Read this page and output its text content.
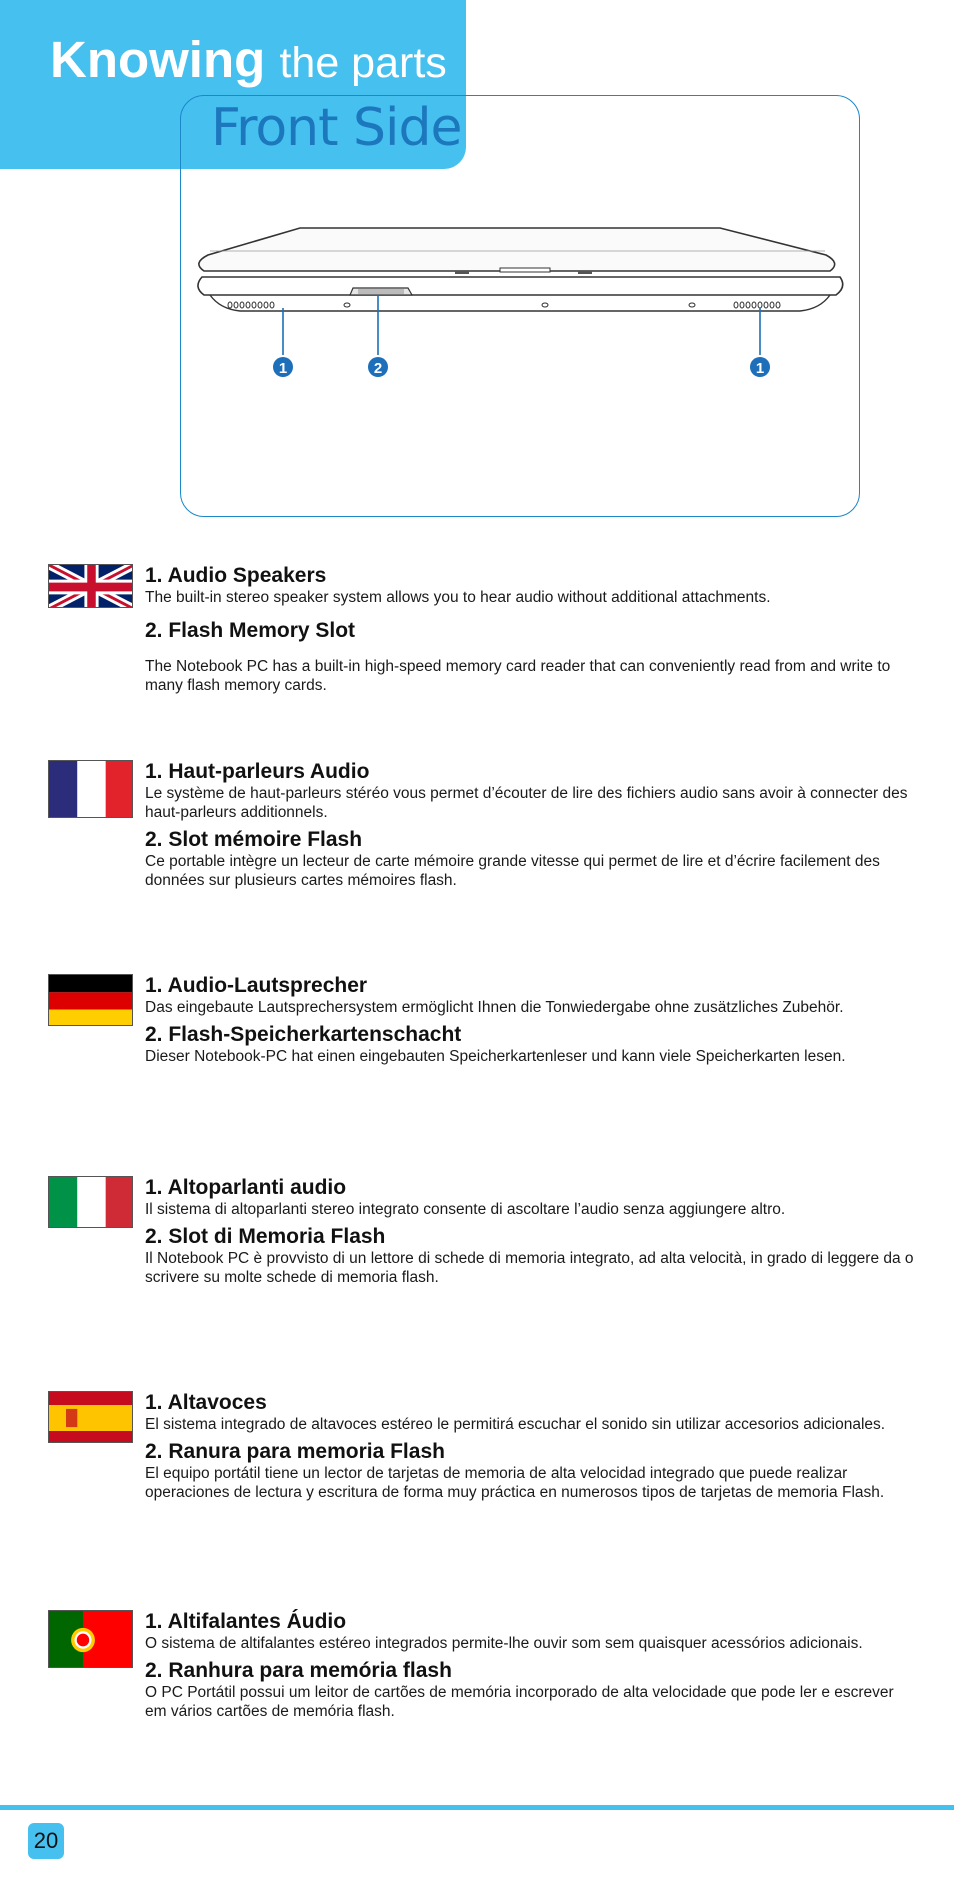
Knowing the parts
Front Side
1	2	1

1. Audio Speakers

The built-in stereo speaker system allows you to hear audio without additional attachments.

2. Flash Memory Slot

The Notebook PC has a built-in high-speed memory card reader that can conveniently read from and write to many flash memory cards.

1. Haut-parleurs Audio

Le système de haut-parleurs stéréo vous permet d’écouter de lire des fichiers audio sans avoir à connecter des haut-parleurs additionnels.

2. Slot mémoire Flash

Ce portable intègre un lecteur de carte mémoire grande vitesse qui permet de lire et d’écrire facilement des données sur plusieurs cartes mémoires flash.

1. Audio-Lautsprecher

Das eingebaute Lautsprechersystem ermöglicht Ihnen die Tonwiedergabe ohne zusätzliches Zubehör.

2. Flash-Speicherkartenschacht

Dieser Notebook-PC hat einen eingebauten Speicherkartenleser und kann viele Speicherkarten lesen.

1. Altoparlanti audio

Il sistema di altoparlanti stereo integrato consente di ascoltare l’audio senza aggiungere altro.

2. Slot di Memoria Flash

Il Notebook PC è provvisto di un lettore di schede di memoria integrato, ad alta velocità, in grado di leggere da o scrivere su molte schede di memoria flash.

1. Altavoces

El sistema integrado de altavoces estéreo le permitirá escuchar el sonido sin utilizar accesorios adicionales.

2. Ranura para memoria Flash

El equipo portátil tiene un lector de tarjetas de memoria de alta velocidad integrado que puede realizar operaciones de lectura y escritura de forma muy práctica en numerosos tipos de tarjetas de memoria Flash.

1. Altifalantes Áudio

O sistema de altifalantes estéreo integrados permite-lhe ouvir som sem quaisquer acessórios adicionais.

2. Ranhura para memória flash

O PC Portátil possui um leitor de cartões de memória incorporado de alta velocidade que pode ler e escrever em vários cartões de memória flash.

20
